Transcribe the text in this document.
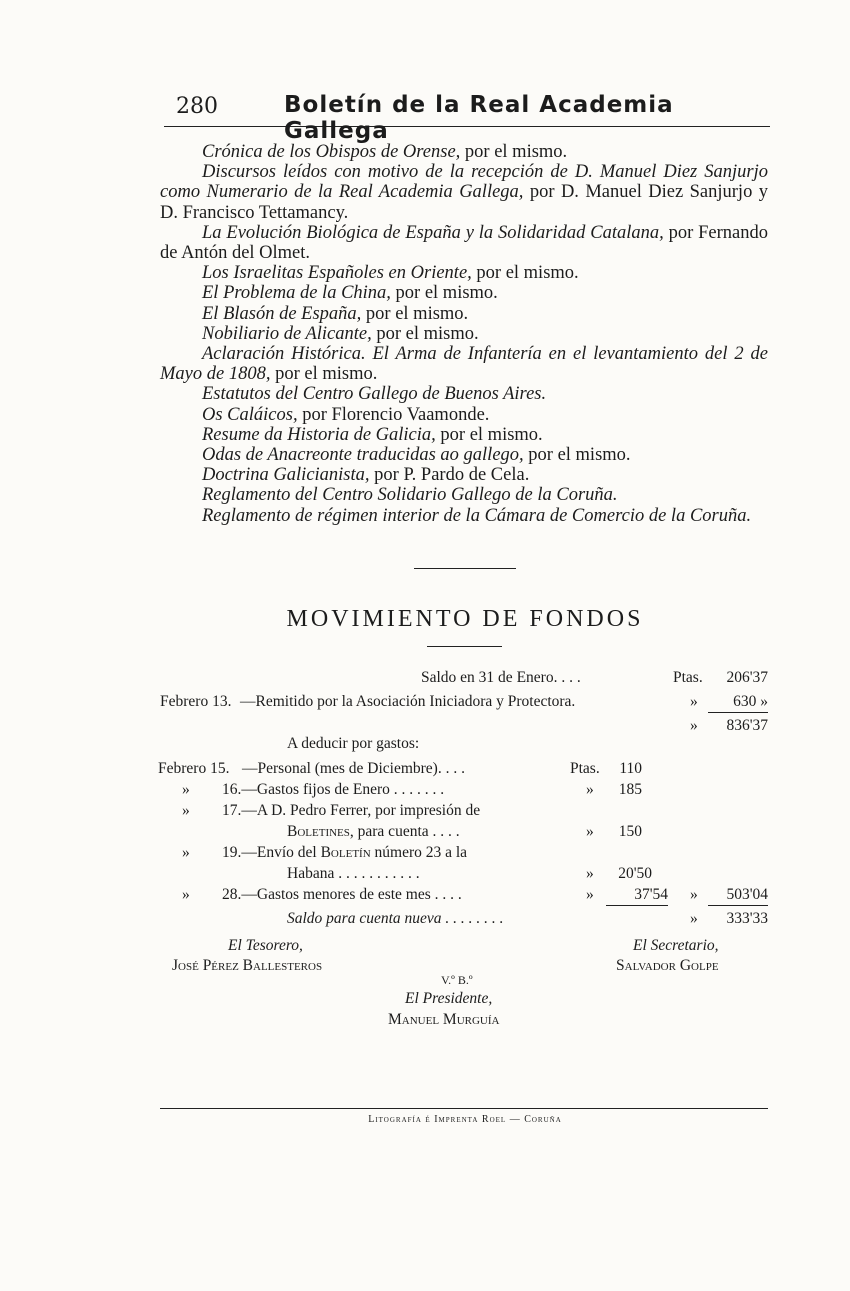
280	Boletín de la Real Academia Gallega

Crónica de los Obispos de Orense, por el mismo.

Discursos leídos con motivo de la recepción de D. Manuel Diez Sanjurjo como Numerario de la Real Academia Gallega, por D. Manuel Diez Sanjurjo y D. Francisco Tettamancy.

La Evolución Biológica de España y la Solidaridad Catalana, por Fernando de Antón del Olmet.

Los Israelitas Españoles en Oriente, por el mismo.

El Problema de la China, por el mismo.

El Blasón de España, por el mismo.

Nobiliario de Alicante, por el mismo.

Aclaración Histórica. El Arma de Infantería en el levantamiento del 2 de Mayo de 1808, por el mismo.

Estatutos del Centro Gallego de Buenos Aires.

Os Caláicos, por Florencio Vaamonde.

Resume da Historia de Galicia, por el mismo.

Odas de Anacreonte traducidas ao gallego, por el mismo.

Doctrina Galicianista, por P. Pardo de Cela.

Reglamento del Centro Solidario Gallego de la Coruña.

Reglamento de régimen interior de la Cámara de Comercio de la Coruña.

MOVIMIENTO DE FONDOS
Saldo en 31 de Enero. . . .	Ptas.	206'37
Febrero 13. —Remitido por la Asociación Iniciadora y Protectora.	»	630 »
»	836'37
A deducir por gastos:
Febrero 15. —Personal (mes de Diciembre). . . .	Ptas.	110
» 16.—Gastos fijos de Enero . . . . . . .	»	185
» 17.—A D. Pedro Ferrer, por impresión de
Boletines, para cuenta . . . .	»	150
» 19.—Envío del Boletín número 23 a la
Habana . . . . . . . . . . .	»	20'50
» 28.—Gastos menores de este mes . . . .	»	37'54 »	503'04
Saldo para cuenta nueva . . . . . . . .	»	333'33
El Tesorero,
José Pérez Ballesteros
El Secretario,
Salvador Golpe
V.º B.º
El Presidente,
Manuel Murguía
Litografía é Imprenta Roel — Coruña
